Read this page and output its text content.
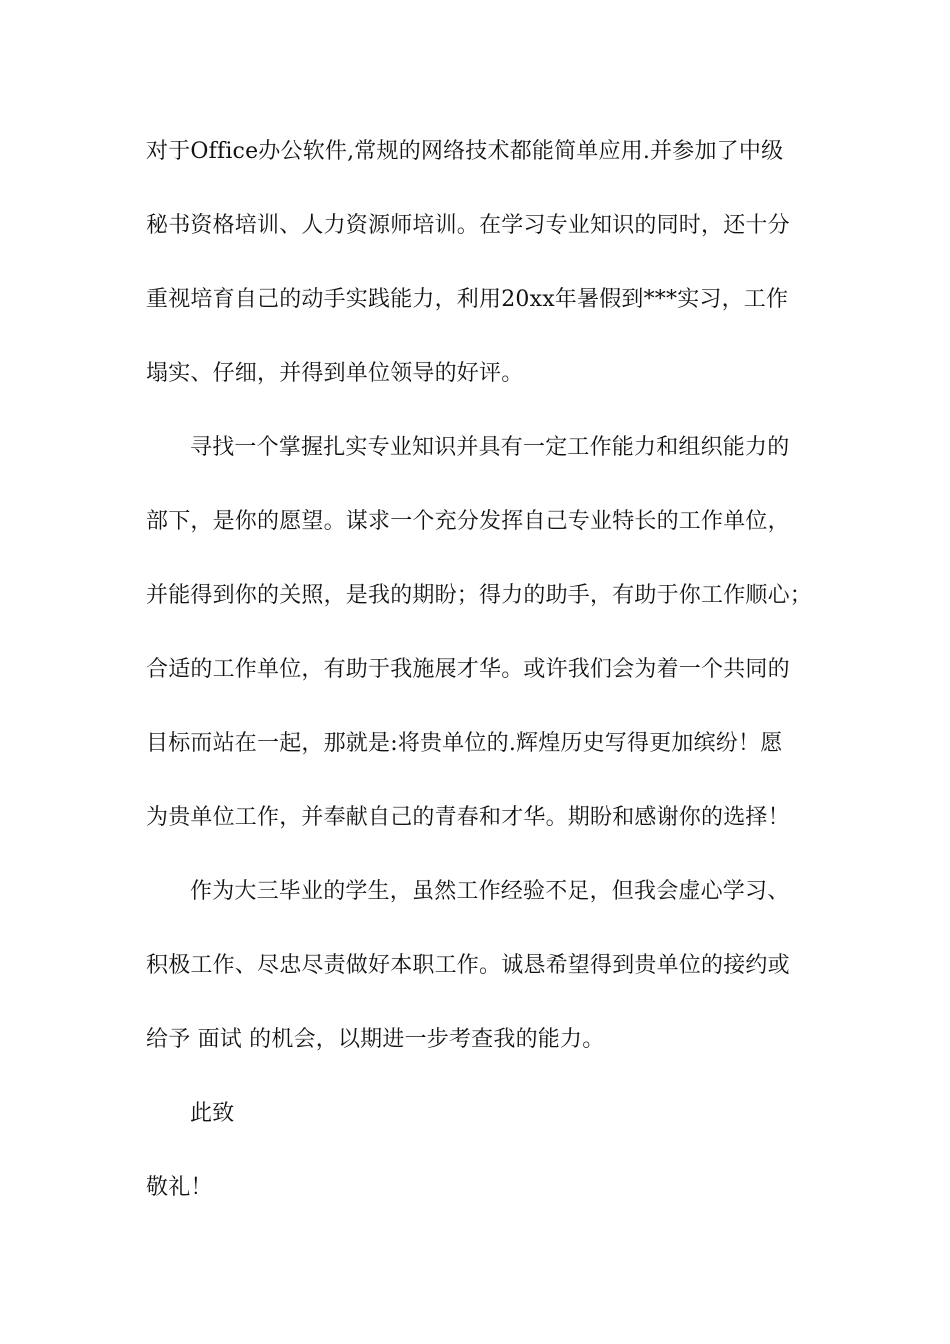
对于Office办公软件,常规的网络技术都能简单应用.并参加了中级
秘书资格培训、人力资源师培训。在学习专业知识的同时，还十分
重视培育自己的动手实践能力，利用20xx年暑假到***实习，工作
塌实、仔细，并得到单位领导的好评。
寻找一个掌握扎实专业知识并具有一定工作能力和组织能力的
部下，是你的愿望。谋求一个充分发挥自己专业特长的工作单位，
并能得到你的关照，是我的期盼；得力的助手，有助于你工作顺心；
合适的工作单位，有助于我施展才华。或许我们会为着一个共同的
目标而站在一起，那就是:将贵单位的.辉煌历史写得更加缤纷！愿
为贵单位工作，并奉献自己的青春和才华。期盼和感谢你的选择！
作为大三毕业的学生，虽然工作经验不足，但我会虚心学习、
积极工作、尽忠尽责做好本职工作。诚恳希望得到贵单位的接约或
给予 面试 的机会，以期进一步考查我的能力。
此致
敬礼！
